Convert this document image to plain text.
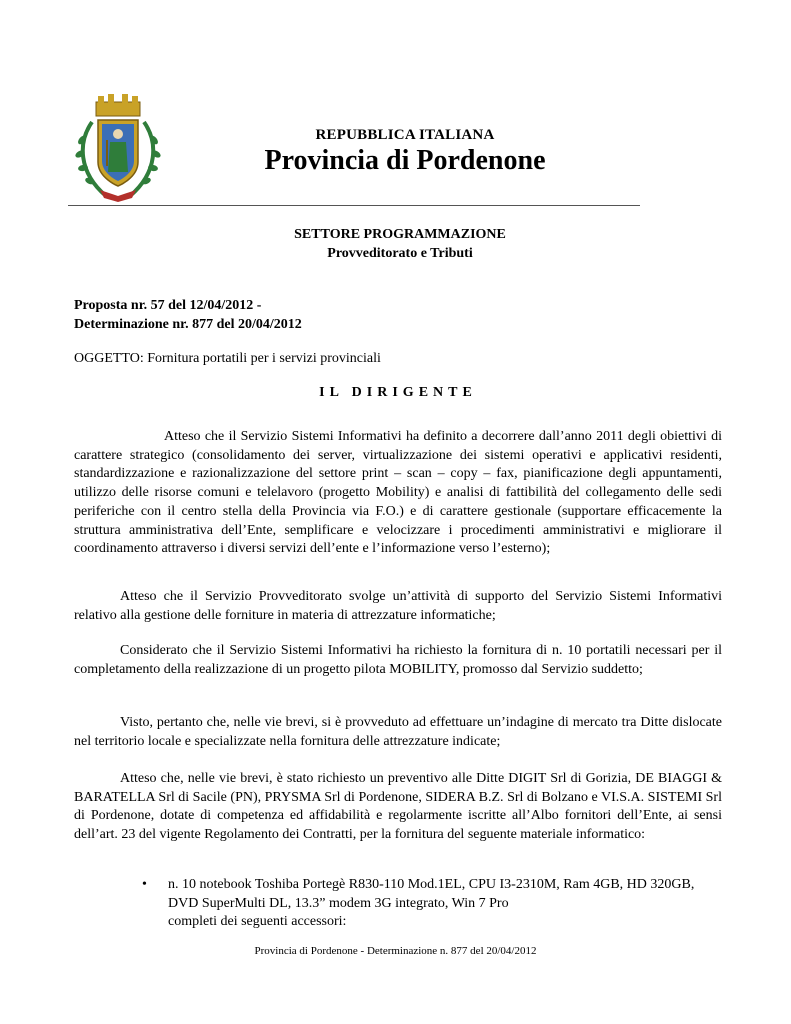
REPUBBLICA ITALIANA
Provincia di Pordenone
SETTORE PROGRAMMAZIONE
Provveditorato e Tributi
Proposta nr. 57 del 12/04/2012 -
Determinazione nr. 877 del 20/04/2012
OGGETTO: Fornitura portatili per i servizi provinciali
IL DIRIGENTE

Atteso che il Servizio Sistemi Informativi ha definito a decorrere dall’anno 2011 degli obiettivi di carattere strategico (consolidamento dei server, virtualizzazione dei sistemi operativi e applicativi residenti, standardizzazione e razionalizzazione del settore print – scan – copy – fax, pianificazione degli appuntamenti, utilizzo delle risorse comuni e telelavoro (progetto Mobility) e analisi di fattibilità del collegamento delle sedi periferiche con il centro stella della Provincia via F.O.) e di carattere gestionale (supportare efficacemente la struttura amministrativa dell’Ente, semplificare e velocizzare i procedimenti amministrativi e migliorare il coordinamento attraverso i diversi servizi dell’ente e l’informazione verso l’esterno);

Atteso che il Servizio Provveditorato svolge un’attività di supporto del Servizio Sistemi Informativi relativo alla gestione delle forniture in materia di attrezzature informatiche;

Considerato che il Servizio Sistemi Informativi ha richiesto la fornitura di n. 10 portatili necessari per il completamento della realizzazione di un progetto pilota MOBILITY, promosso dal Servizio suddetto;

Visto, pertanto che, nelle vie brevi, si è provveduto ad effettuare un’indagine di mercato tra Ditte dislocate nel territorio locale e specializzate nella fornitura delle attrezzature indicate;

Atteso che, nelle vie brevi, è stato richiesto un preventivo alle Ditte DIGIT Srl di Gorizia, DE BIAGGI & BARATELLA Srl di Sacile (PN), PRYSMA Srl di Pordenone, SIDERA B.Z. Srl di Bolzano e VI.S.A. SISTEMI Srl di Pordenone, dotate di competenza ed affidabilità e regolarmente iscritte all’Albo fornitori dell’Ente, ai sensi dell’art. 23 del vigente Regolamento dei Contratti, per la fornitura del seguente materiale informatico:

• n. 10 notebook Toshiba Portegè R830-110 Mod.1EL, CPU I3-2310M, Ram 4GB, HD 320GB, DVD SuperMulti DL, 13.3” modem 3G integrato, Win 7 Pro
completi dei seguenti accessori:
Provincia di Pordenone - Determinazione n. 877 del 20/04/2012
